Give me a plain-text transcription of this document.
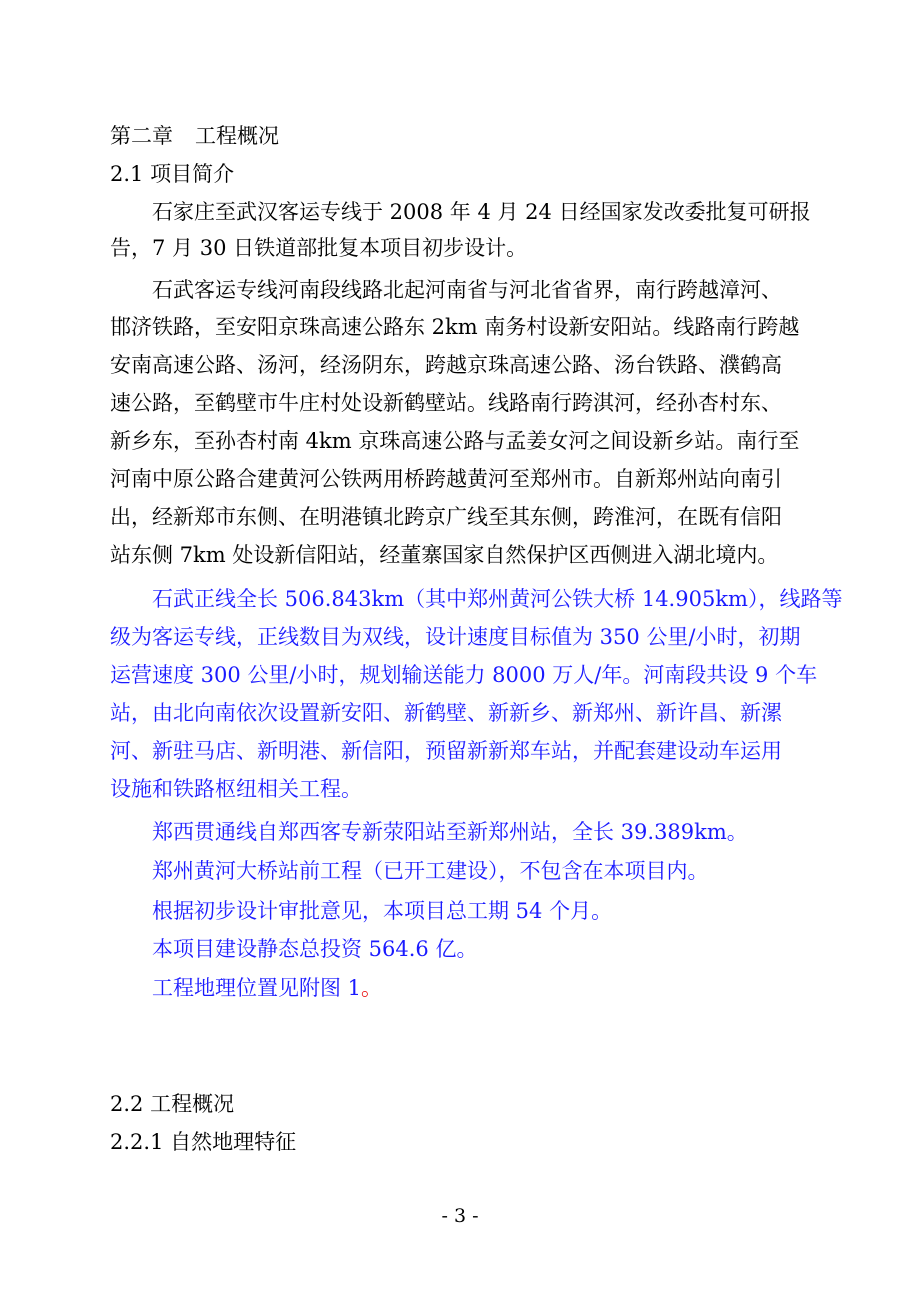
第二章 工程概况
2.1 项目简介
石家庄至武汉客运专线于 2008 年 4 月 24 日经国家发改委批复可研报
告，7 月 30 日铁道部批复本项目初步设计。
石武客运专线河南段线路北起河南省与河北省省界，南行跨越漳河、
邯济铁路，至安阳京珠高速公路东 2km 南务村设新安阳站。线路南行跨越
安南高速公路、汤河，经汤阴东，跨越京珠高速公路、汤台铁路、濮鹤高
速公路，至鹤壁市牛庄村处设新鹤壁站。线路南行跨淇河，经孙杏村东、
新乡东，至孙杏村南 4km 京珠高速公路与孟姜女河之间设新乡站。南行至
河南中原公路合建黄河公铁两用桥跨越黄河至郑州市。自新郑州站向南引
出，经新郑市东侧、在明港镇北跨京广线至其东侧，跨淮河，在既有信阳
站东侧 7km 处设新信阳站，经董寨国家自然保护区西侧进入湖北境内。
石武正线全长 506.843km（其中郑州黄河公铁大桥 14.905km），线路等
级为客运专线，正线数目为双线，设计速度目标值为 350 公里/小时，初期
运营速度 300 公里/小时，规划输送能力 8000 万人/年。河南段共设 9 个车
站，由北向南依次设置新安阳、新鹤壁、新新乡、新郑州、新许昌、新漯
河、新驻马店、新明港、新信阳，预留新新郑车站，并配套建设动车运用
设施和铁路枢纽相关工程。
郑西贯通线自郑西客专新荥阳站至新郑州站，全长 39.389km。
郑州黄河大桥站前工程（已开工建设），不包含在本项目内。
根据初步设计审批意见，本项目总工期 54 个月。
本项目建设静态总投资 564.6 亿。
工程地理位置见附图 1。
2.2 工程概况
2.2.1 自然地理特征
- 3 -
